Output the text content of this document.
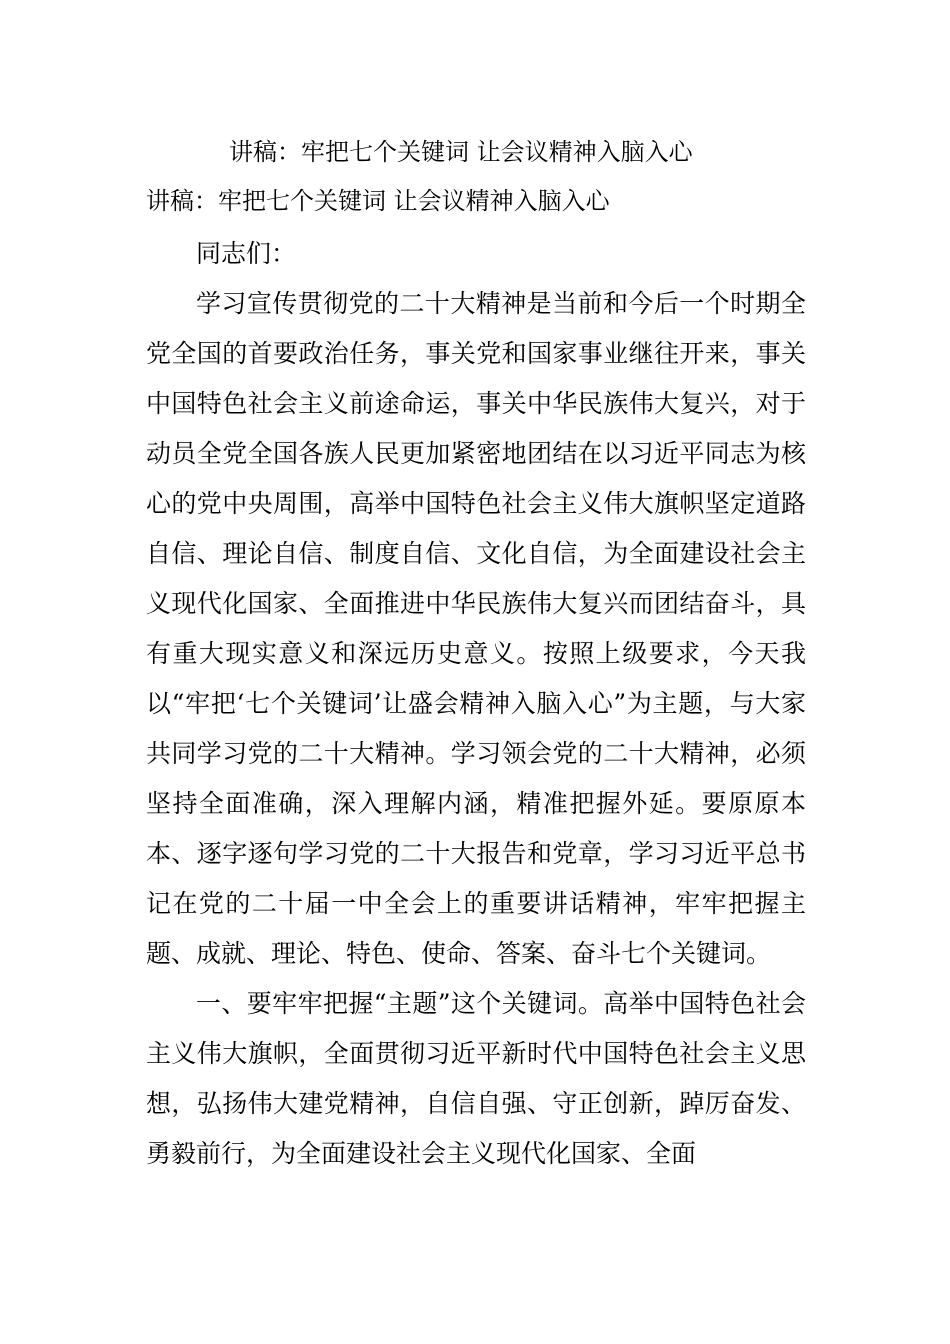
讲稿：牢把七个关键词 让会议精神入脑入心
讲稿：牢把七个关键词 让会议精神入脑入心

同志们：

学习宣传贯彻党的二十大精神是当前和今后一个时期全党全国的首要政治任务，事关党和国家事业继往开来，事关中国特色社会主义前途命运，事关中华民族伟大复兴，对于动员全党全国各族人民更加紧密地团结在以习近平同志为核心的党中央周围，高举中国特色社会主义伟大旗帜坚定道路自信、理论自信、制度自信、文化自信，为全面建设社会主义现代化国家、全面推进中华民族伟大复兴而团结奋斗，具有重大现实意义和深远历史意义。按照上级要求，今天我以“牢把‘七个关键词’让盛会精神入脑入心”为主题，与大家共同学习党的二十大精神。学习领会党的二十大精神，必须坚持全面准确，深入理解内涵，精准把握外延。要原原本本、逐字逐句学习党的二十大报告和党章，学习习近平总书记在党的二十届一中全会上的重要讲话精神，牢牢把握主题、成就、理论、特色、使命、答案、奋斗七个关键词。

一、要牢牢把握“主题”这个关键词。高举中国特色社会主义伟大旗帜，全面贯彻习近平新时代中国特色社会主义思想，弘扬伟大建党精神，自信自强、守正创新，踔厉奋发、勇毅前行，为全面建设社会主义现代化国家、全面
